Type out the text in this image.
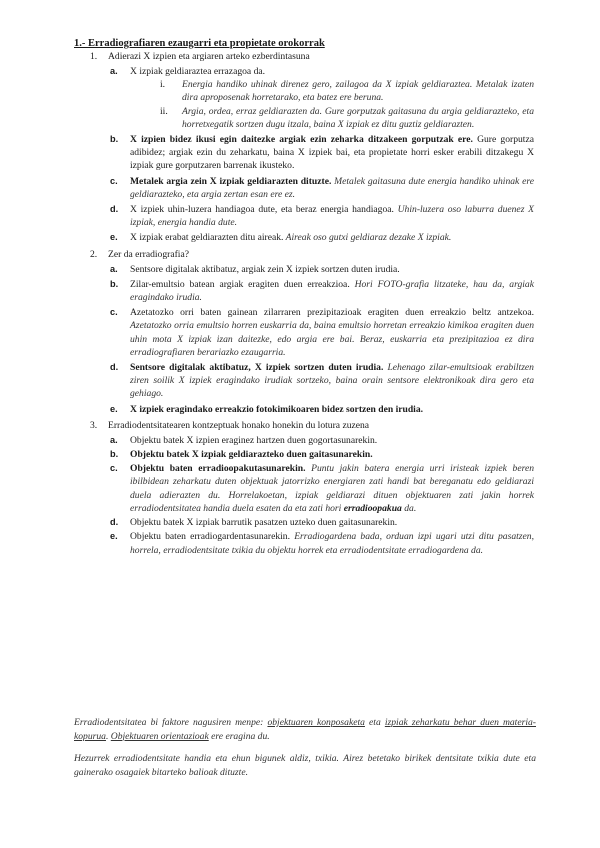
1.- Erradiografiaren ezaugarri eta propietate orokorrak
1. Adierazi X izpien eta argiaren arteko ezberdintasuna
a. X izpiak geldiaraztea errazagoa da.
i. Energia handiko uhinak direnez gero, zailagoa da X izpiak geldiaraztea. Metalak izaten dira aproposenak horretarako, eta batez ere beruna.
ii. Argia, ordea, erraz geldiarazten da. Gure gorputzak gaitasuna du argia geldiarazteko, eta horretxegatik sortzen dugu itzala, baina X izpiak ez ditu guztiz geldiarazten.
b. X izpien bidez ikusi egin daitezke argiak ezin zeharka ditzakeen gorputzak ere. Gure gorputza adibidez; argiak ezin du zeharkatu, baina X izpiek bai, eta propietate horri esker erabili ditzakegu X izpiak gure gorputzaren barrenak ikusteko.
c. Metalek argia zein X izpiak geldiarazten dituzte. Metalek gaitasuna dute energia handiko uhinak ere geldiarazteko, eta argia zertan esan ere ez.
d. X izpiek uhin-luzera handiagoa dute, eta beraz energia handiagoa. Uhin-luzera oso laburra duenez X izpiak, energia handia dute.
e. X izpiak erabat geldiarazten ditu aireak. Aireak oso gutxi geldiaraz dezake X izpiak.
2. Zer da erradiografia?
a. Sentsore digitalak aktibatuz, argiak zein X izpiek sortzen duten irudia.
b. Zilar-emultsio batean argiak eragiten duen erreakzioa. Hori FOTO-grafia litzateke, hau da, argiak eragindako irudia.
c. Azetatozko orri baten gainean zilarraren prezipitazioak eragiten duen erreakzio beltz antzekoa. Azetatozko orria emultsio horren euskarria da, baina emultsio horretan erreakzio kimikoa eragiten duen uhin mota X izpiak izan daitezke, edo argia ere bai. Beraz, euskarria eta prezipitazioa ez dira erradiografiaren berariazko ezaugarria.
d. Sentsore digitalak aktibatuz, X izpiek sortzen duten irudia. Lehenago zilar-emultsioak erabiltzen ziren soilik X izpiek eragindako irudiak sortzeko, baina orain sentsore elektronikoak dira gero eta gehiago.
e. X izpiek eragindako erreakzio fotokimikoaren bidez sortzen den irudia.
3. Erradiodentsitatearen kontzeptuak honako honekin du lotura zuzena
a. Objektu batek X izpien eraginez hartzen duen gogortasunarekin.
b. Objektu batek X izpiak geldiarazteko duen gaitasunarekin.
c. Objektu baten erradioopakutasunarekin. Puntu jakin batera energia urri iristeak izpiek beren ibilbidean zeharkatu duten objektuak jatorrizko energiaren zati handi bat bereganatu edo geldiarazi duela adierazten du. Horrelakoetan, izpiak geldiarazi dituen objektuaren zati jakin horrek erradiodentsitatea handia duela esaten da eta zati hori erradioopakua da.
d. Objektu batek X izpiak barrutik pasatzen uzteko duen gaitasunarekin.
e. Objektu baten erradiogardentasunarekin. Erradiogardena bada, orduan izpi ugari utzi ditu pasatzen, horrela, erradiodentsitate txikia du objektu horrek eta erradiodentsitate erradiogardena da.

Erradiodentsitatea bi faktore nagusiren menpe: objektuaren konposaketa eta izpiak zeharkatu behar duen materia-kopurua. Objektuaren orientazioak ere eragina du.

Hezurrek erradiodentsitate handia eta ehun bigunek aldiz, txikia. Airez betetako birikek dentsitate txikia dute eta gainerako osagaiek bitarteko balioak dituzte.
